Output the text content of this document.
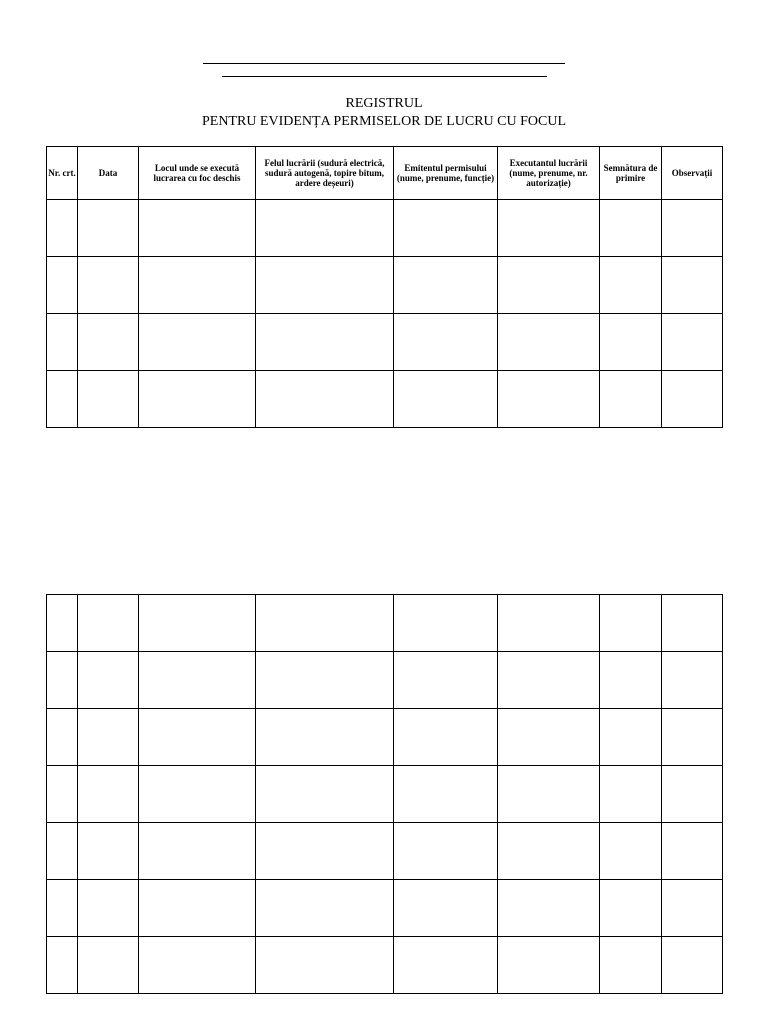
REGISTRUL
PENTRU EVIDENȚA PERMISELOR DE LUCRU CU FOCUL
Nr. crt.	Data	Locul unde se execută lucrarea cu foc deschis	Felul lucrării (sudură electrică, sudură autogenă, topire bitum, ardere deșeuri)	Emitentul permisului (nume, prenume, funcție)	Executantul lucrării (nume, prenume, nr. autorizație)	Semnătura de primire	Observații
